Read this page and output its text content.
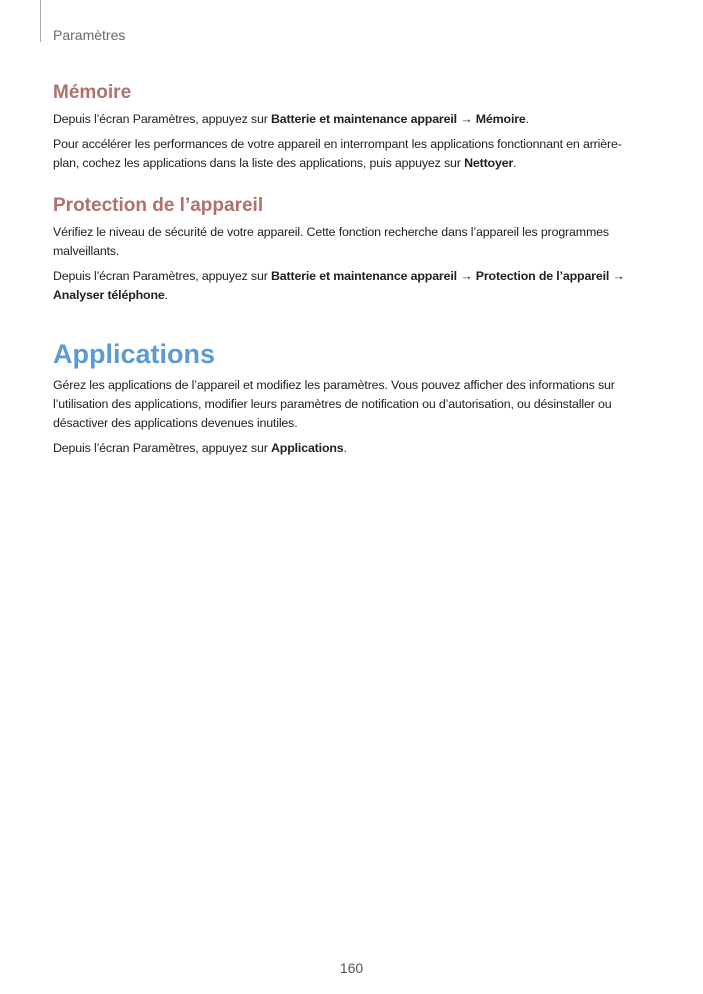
Paramètres
Mémoire

Depuis l’écran Paramètres, appuyez sur Batterie et maintenance appareil → Mémoire.

Pour accélérer les performances de votre appareil en interrompant les applications fonctionnant en arrière-plan, cochez les applications dans la liste des applications, puis appuyez sur Nettoyer.

Protection de l’appareil

Vérifiez le niveau de sécurité de votre appareil. Cette fonction recherche dans l’appareil les programmes malveillants.

Depuis l’écran Paramètres, appuyez sur Batterie et maintenance appareil → Protection de l’appareil → Analyser téléphone.

Applications

Gérez les applications de l’appareil et modifiez les paramètres. Vous pouvez afficher des informations sur l’utilisation des applications, modifier leurs paramètres de notification ou d’autorisation, ou désinstaller ou désactiver des applications devenues inutiles.

Depuis l’écran Paramètres, appuyez sur Applications.

160
